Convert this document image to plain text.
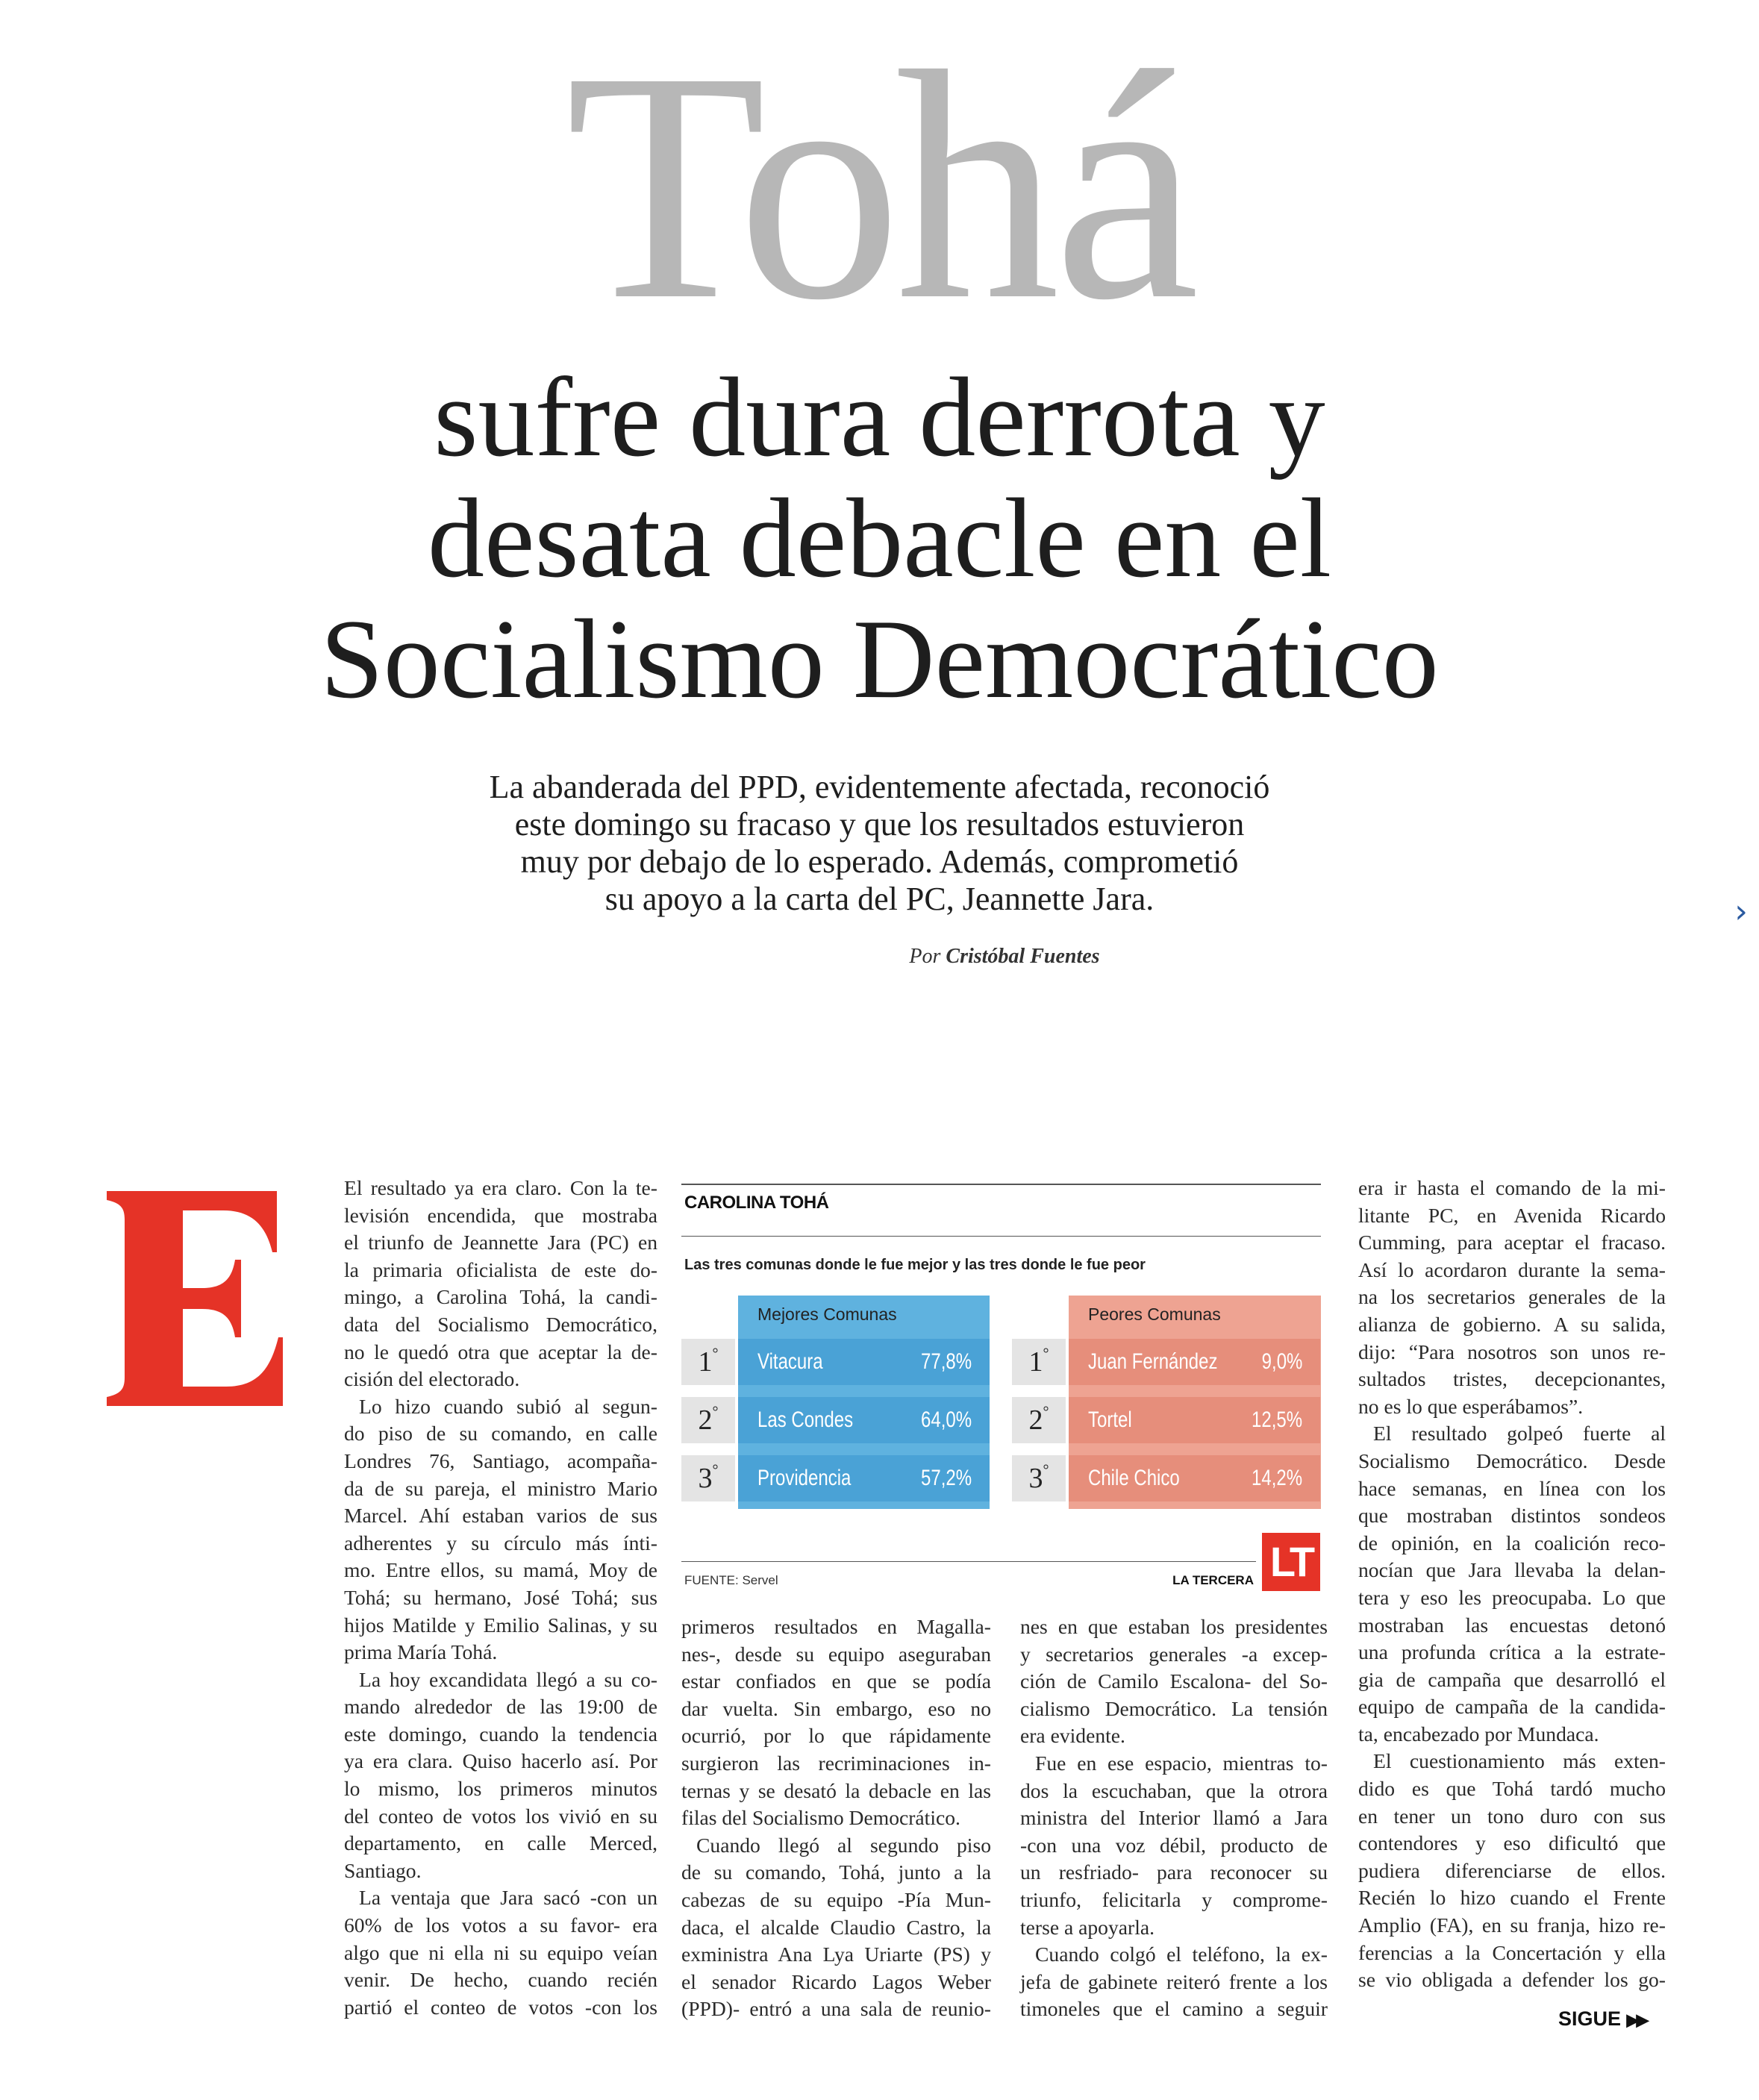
Tohá
sufre dura derrota y
desata debacle en el
Socialismo Democrático
La abanderada del PPD, evidentemente afectada, reconoció
este domingo su fracaso y que los resultados estuvieron
muy por debajo de lo esperado. Además, comprometió
su apoyo a la carta del PC, Jeannette Jara.
Por Cristóbal Fuentes
›
El resultado ya era claro. Con la te-
levisión encendida, que mostraba
el triunfo de Jeannette Jara (PC) en
la primaria oficialista de este do-
mingo, a Carolina Tohá, la candi-
data del Socialismo Democrático,
no le quedó otra que aceptar la de-
cisión del electorado.
Lo hizo cuando subió al segun-
do piso de su comando, en calle
Londres 76, Santiago, acompaña-
da de su pareja, el ministro Mario
Marcel. Ahí estaban varios de sus
adherentes y su círculo más ínti-
mo. Entre ellos, su mamá, Moy de
Tohá; su hermano, José Tohá; sus
hijos Matilde y Emilio Salinas, y su
prima María Tohá.
La hoy excandidata llegó a su co-
mando alrededor de las 19:00 de
este domingo, cuando la tendencia
ya era clara. Quiso hacerlo así. Por
lo mismo, los primeros minutos
del conteo de votos los vivió en su
departamento, en calle Merced,
Santiago.
La ventaja que Jara sacó -con un
60% de los votos a su favor- era
algo que ni ella ni su equipo veían
venir. De hecho, cuando recién
partió el conteo de votos -con los
primeros resultados en Magalla-
nes-, desde su equipo aseguraban
estar confiados en que se podía
dar vuelta. Sin embargo, eso no
ocurrió, por lo que rápidamente
surgieron las recriminaciones in-
ternas y se desató la debacle en las
filas del Socialismo Democrático.
Cuando llegó al segundo piso
de su comando, Tohá, junto a la
cabezas de su equipo -Pía Mun-
daca, el alcalde Claudio Castro, la
exministra Ana Lya Uriarte (PS) y
el senador Ricardo Lagos Weber
(PPD)- entró a una sala de reunio-
nes en que estaban los presidentes
y secretarios generales -a excep-
ción de Camilo Escalona- del So-
cialismo Democrático. La tensión
era evidente.
Fue en ese espacio, mientras to-
dos la escuchaban, que la otrora
ministra del Interior llamó a Jara
-con una voz débil, producto de
un resfriado- para reconocer su
triunfo, felicitarla y comprome-
terse a apoyarla.
Cuando colgó el teléfono, la ex-
jefa de gabinete reiteró frente a los
timoneles que el camino a seguir
era ir hasta el comando de la mi-
litante PC, en Avenida Ricardo
Cumming, para aceptar el fracaso.
Así lo acordaron durante la sema-
na los secretarios generales de la
alianza de gobierno. A su salida,
dijo: “Para nosotros son unos re-
sultados tristes, decepcionantes,
no es lo que esperábamos”.
El resultado golpeó fuerte al
Socialismo Democrático. Desde
hace semanas, en línea con los
que mostraban distintos sondeos
de opinión, en la coalición reco-
nocían que Jara llevaba la delan-
tera y eso les preocupaba. Lo que
mostraban las encuestas detonó
una profunda crítica a la estrate-
gia de campaña que desarrolló el
equipo de campaña de la candida-
ta, encabezado por Mundaca.
El cuestionamiento más exten-
dido es que Tohá tardó mucho
en tener un tono duro con sus
contendores y eso dificultó que
pudiera diferenciarse de ellos.
Recién lo hizo cuando el Frente
Amplio (FA), en su franja, hizo re-
ferencias a la Concertación y ella
se vio obligada a defender los go-
CAROLINA TOHÁ
Las tres comunas donde le fue mejor y las tres donde le fue peor
Mejores Comunas	Peores Comunas
1°	Vitacura	77,8%
2°	Las Condes	64,0%
3°	Providencia	57,2%
1°	Juan Fernández 9,0%
2°	Tortel	12,5%
3°	Chile Chico	14,2%
FUENTE: Servel	LA TERCERA LT
SIGUE ▶▶
